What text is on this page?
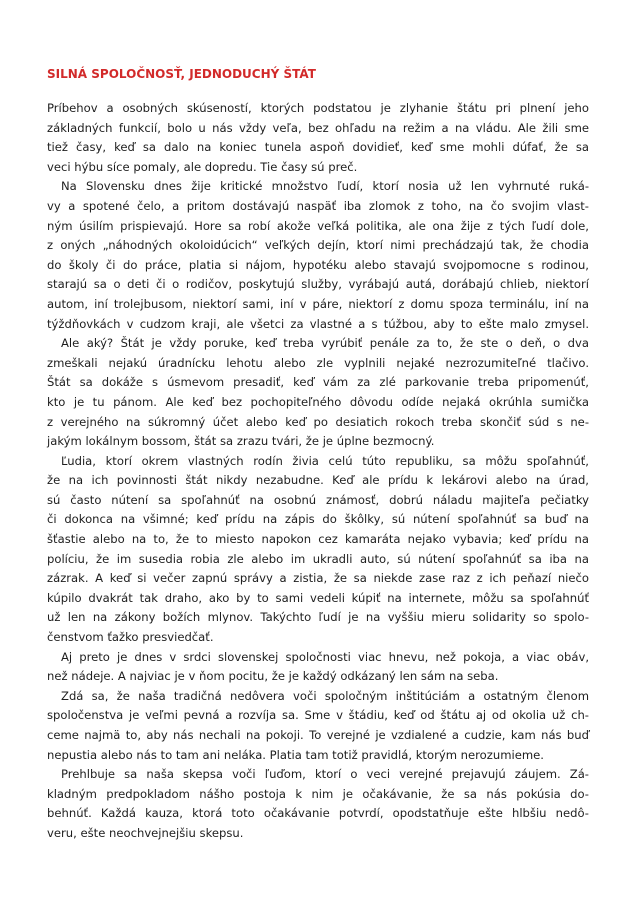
SILNÁ SPOLOČNOSŤ, JEDNODUCHÝ ŠTÁT
Príbehov a osobných skúseností, ktorých podstatou je zlyhanie štátu pri plnení jeho
základných funkcií, bolo u nás vždy veľa, bez ohľadu na režim a na vládu. Ale žili sme
tiež časy, keď sa dalo na koniec tunela aspoň dovidieť, keď sme mohli dúfať, že sa
veci hýbu síce pomaly, ale dopredu. Tie časy sú preč.
Na Slovensku dnes žije kritické množstvo ľudí, ktorí nosia už len vyhrnuté ruká-
vy a spotené čelo, a pritom dostávajú naspäť iba zlomok z toho, na čo svojim vlast-
ným úsilím prispievajú. Hore sa robí akože veľká politika, ale ona žije z tých ľudí dole,
z oných „náhodných okoloidúcich“ veľkých dejín, ktorí nimi prechádzajú tak, že chodia
do školy či do práce, platia si nájom, hypotéku alebo stavajú svojpomocne s rodinou,
starajú sa o deti či o rodičov, poskytujú služby, vyrábajú autá, dorábajú chlieb, niektorí
autom, iní trolejbusom, niektorí sami, iní v páre, niektorí z domu spoza terminálu, iní na
týždňovkách v cudzom kraji, ale všetci za vlastné a s túžbou, aby to ešte malo zmysel.
Ale aký? Štát je vždy poruke, keď treba vyrúbiť penále za to, že ste o deň, o dva
zmeškali nejakú úradnícku lehotu alebo zle vyplnili nejaké nezrozumiteľné tlačivo.
Štát sa dokáže s úsmevom presadiť, keď vám za zlé parkovanie treba pripomenúť,
kto je tu pánom. Ale keď bez pochopiteľného dôvodu odíde nejaká okrúhla sumička
z verejného na súkromný účet alebo keď po desiatich rokoch treba skončiť súd s ne-
jakým lokálnym bossom, štát sa zrazu tvári, že je úplne bezmocný.
Ľudia, ktorí okrem vlastných rodín živia celú túto republiku, sa môžu spoľahnúť,
že na ich povinnosti štát nikdy nezabudne. Keď ale prídu k lekárovi alebo na úrad,
sú často nútení sa spoľahnúť na osobnú známosť, dobrú náladu majiteľa pečiatky
či dokonca na všimné; keď prídu na zápis do škôlky, sú nútení spoľahnúť sa buď na
šťastie alebo na to, že to miesto napokon cez kamaráta nejako vybavia; keď prídu na
políciu, že im susedia robia zle alebo im ukradli auto, sú nútení spoľahnúť sa iba na
zázrak. A keď si večer zapnú správy a zistia, že sa niekde zase raz z ich peňazí niečo
kúpilo dvakrát tak draho, ako by to sami vedeli kúpiť na internete, môžu sa spoľahnúť
už len na zákony božích mlynov. Takýchto ľudí je na vyššiu mieru solidarity so spolo-
čenstvom ťažko presviedčať.
Aj preto je dnes v srdci slovenskej spoločnosti viac hnevu, než pokoja, a viac obáv,
než nádeje. A najviac je v ňom pocitu, že je každý odkázaný len sám na seba.
Zdá sa, že naša tradičná nedôvera voči spoločným inštitúciám a ostatným členom
spoločenstva je veľmi pevná a rozvíja sa. Sme v štádiu, keď od štátu aj od okolia už ch-
ceme najmä to, aby nás nechali na pokoji. To verejné je vzdialené a cudzie, kam nás buď
nepustia alebo nás to tam ani neláka. Platia tam totiž pravidlá, ktorým nerozumieme.
Prehlbuje sa naša skepsa voči ľuďom, ktorí o veci verejné prejavujú záujem. Zá-
kladným predpokladom nášho postoja k nim je očakávanie, že sa nás pokúsia do-
behnúť. Každá kauza, ktorá toto očakávanie potvrdí, opodstatňuje ešte hlbšiu nedô-
veru, ešte neochvejnejšiu skepsu.
